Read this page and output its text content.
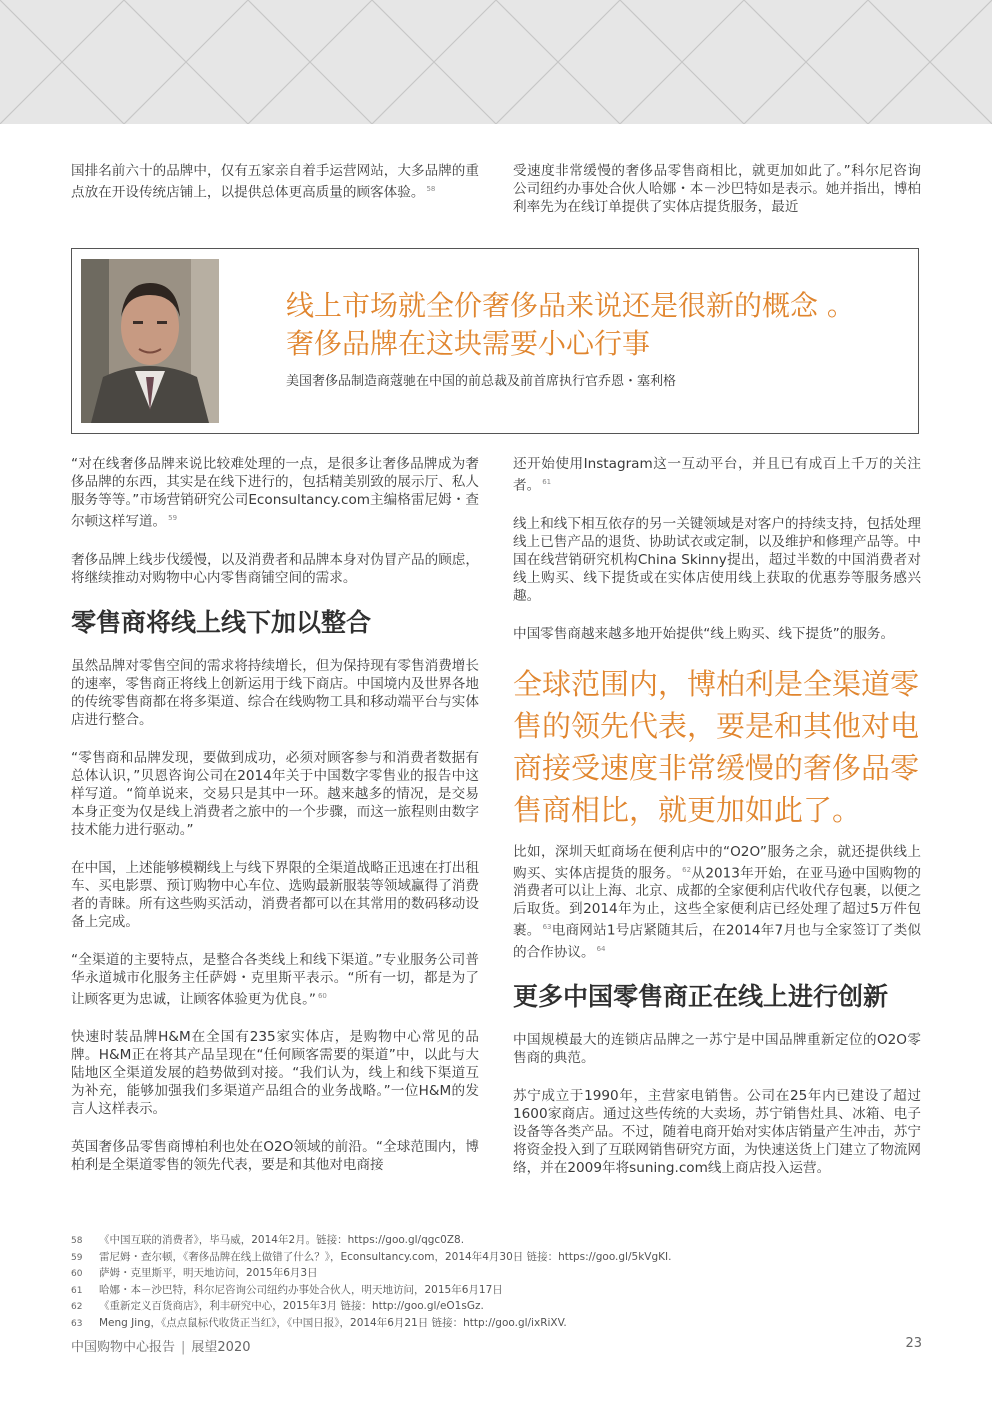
国排名前六十的品牌中，仅有五家亲自着手运营网站，大多品牌的重点放在开设传统店铺上，以提供总体更高质量的顾客体验。 $^{58}$

受速度非常缓慢的奢侈品零售商相比，就更加如此了。”科尔尼咨询公司纽约办事处合伙人哈娜・本－沙巴特如是表示。她并指出，博柏利率先为在线订单提供了实体店提货服务，最近

线上市场就全价奢侈品来说还是很新的概念 。
奢侈品牌在这块需要小心行事
美国奢侈品制造商蔻驰在中国的前总裁及前首席执行官乔恩・塞利格

“对在线奢侈品牌来说比较难处理的一点，是很多让奢侈品牌成为奢侈品牌的东西，其实是在线下进行的，包括精美别致的展示厅、私人服务等等。”市场营销研究公司Econsultancy.com主编格雷尼姆・查尔顿这样写道。 $^{59}$

奢侈品牌上线步伐缓慢，以及消费者和品牌本身对伪冒产品的顾虑，将继续推动对购物中心内零售商铺空间的需求。

零售商将线上线下加以整合

虽然品牌对零售空间的需求将持续增长，但为保持现有零售消费增长的速率，零售商正将线上创新运用于线下商店。中国境内及世界各地的传统零售商都在将多渠道、综合在线购物工具和移动端平台与实体店进行整合。

“零售商和品牌发现，要做到成功，必须对顾客参与和消费者数据有总体认识，”贝恩咨询公司在2014年关于中国数字零售业的报告中这样写道。“简单说来，交易只是其中一环。越来越多的情况，是交易本身正变为仅是线上消费者之旅中的一个步骤，而这一旅程则由数字技术能力进行驱动。”

在中国，上述能够模糊线上与线下界限的全渠道战略正迅速在打出租车、买电影票、预订购物中心车位、选购最新服装等领域赢得了消费者的青睐。所有这些购买活动，消费者都可以在其常用的数码移动设备上完成。

“全渠道的主要特点，是整合各类线上和线下渠道。”专业服务公司普华永道城市化服务主任萨姆・克里斯平表示。“所有一切，都是为了让顾客更为忠诚，让顾客体验更为优良。” $^{60}$

快速时装品牌H&M在全国有235家实体店，是购物中心常见的品牌。H&M正在将其产品呈现在“任何顾客需要的渠道”中，以此与大陆地区全渠道发展的趋势做到对接。“我们认为，线上和线下渠道互为补充，能够加强我们多渠道产品组合的业务战略。”一位H&M的发言人这样表示。

英国奢侈品零售商博柏利也处在O2O领域的前沿。“全球范围内，博柏利是全渠道零售的领先代表，要是和其他对电商接

还开始使用Instagram这一互动平台，并且已有成百上千万的关注者。 $^{61}$

线上和线下相互依存的另一关键领域是对客户的持续支持，包括处理线上已售产品的退货、协助试衣或定制，以及维护和修理产品等。中国在线营销研究机构China Skinny提出，超过半数的中国消费者对线上购买、线下提货或在实体店使用线上获取的优惠券等服务感兴趣。

中国零售商越来越多地开始提供“线上购买、线下提货”的服务。

全球范围内，博柏利是全渠道零售的领先代表，要是和其他对电商接受速度非常缓慢的奢侈品零售商相比，就更加如此了。

比如，深圳天虹商场在便利店中的“O2O”服务之余，就还提供线上购买、实体店提货的服务。 $^{62}$从2013年开始，在亚马逊中国购物的消费者可以让上海、北京、成都的全家便利店代收代存包裹，以便之后取货。到2014年为止，这些全家便利店已经处理了超过5万件包裹。 $^{63}$电商网站1号店紧随其后，在2014年7月也与全家签订了类似的合作协议。 $^{64}$

更多中国零售商正在线上进行创新

中国规模最大的连锁店品牌之一苏宁是中国品牌重新定位的O2O零售商的典范。

苏宁成立于1990年，主营家电销售。公司在25年内已建设了超过1600家商店。通过这些传统的大卖场，苏宁销售灶具、冰箱、电子设备等各类产品。不过，随着电商开始对实体店销量产生冲击，苏宁将资金投入到了互联网销售研究方面，为快速送货上门建立了物流网络，并在2009年将suning.com线上商店投入运营。

58 《中国互联的消费者》，毕马威，2014年2月。链接：https://goo.gl/qgc0Z8.
59 雷尼姆・查尔顿，《奢侈品牌在线上做错了什么？》，Econsultancy.com，2014年4月30日 链接：https://goo.gl/5kVgKI.
60 萨姆・克里斯平，明天地访问，2015年6月3日
61 哈娜・本－沙巴特，科尔尼咨询公司纽约办事处合伙人，明天地访问，2015年6月17日
62 《重新定义百货商店》，利丰研究中心，2015年3月 链接：http://goo.gl/eO1sGz.
63 Meng Jing，《点点鼠标代收货正当红》，《中国日报》，2014年6月21日 链接：http://goo.gl/ixRiXV.
中国购物中心报告 | 展望2020	23
